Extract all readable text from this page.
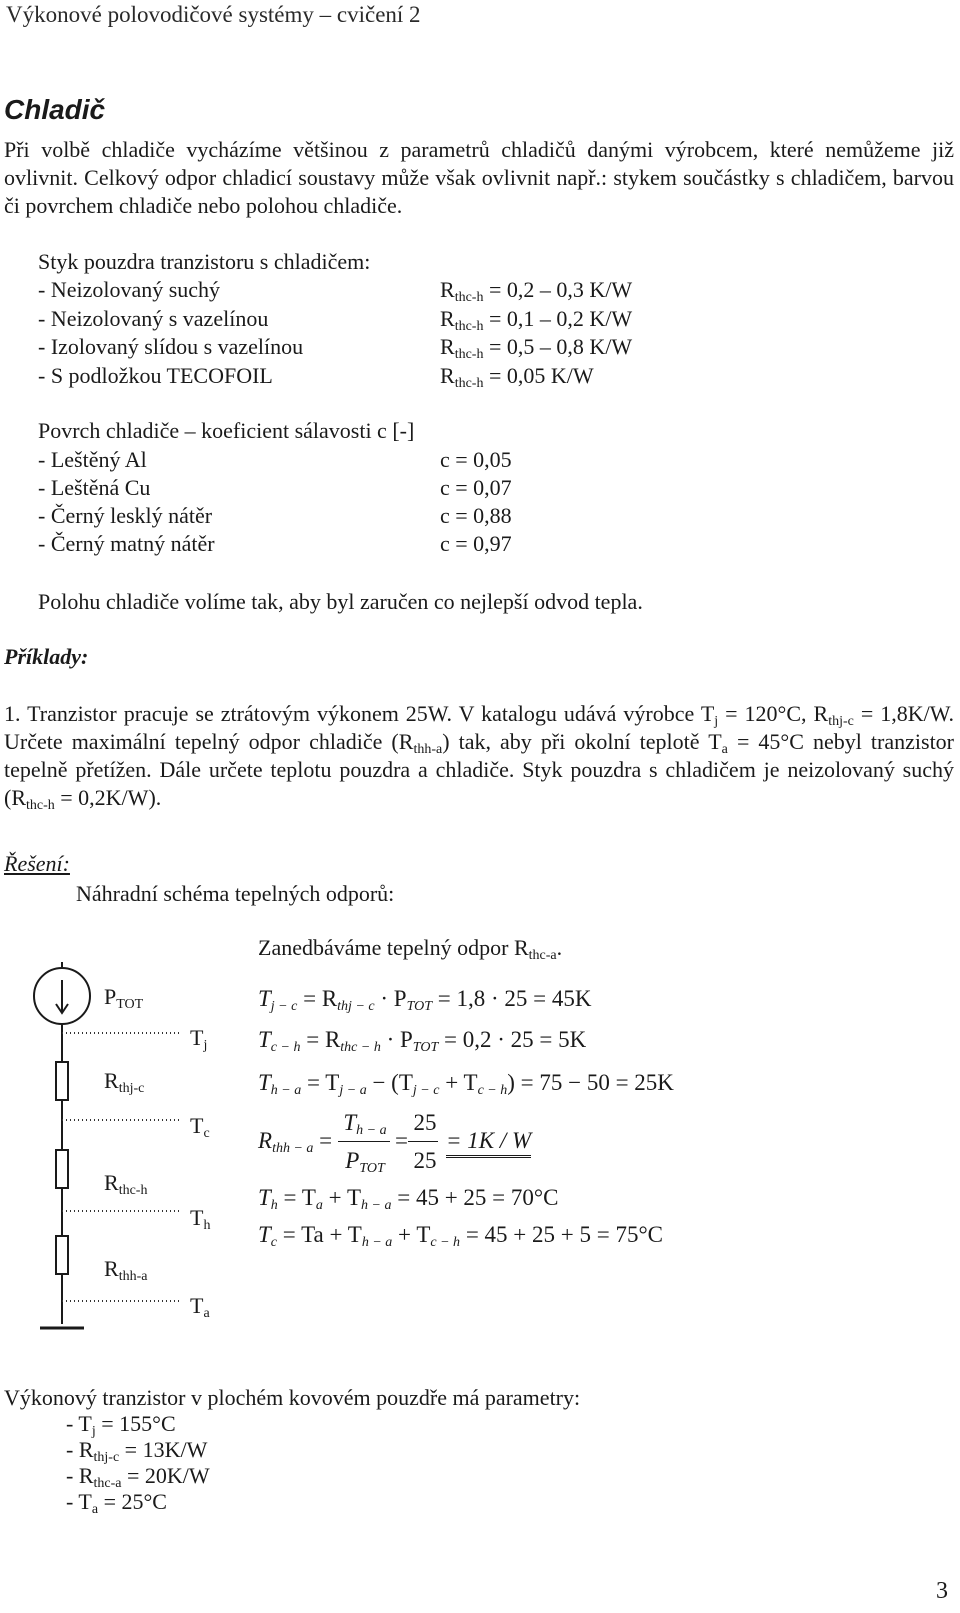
Výkonové polovodičové systémy – cvičení 2
Chladič
Při volbě chladiče vycházíme většinou z parametrů chladičů danými výrobcem, které nemůžeme již ovlivnit. Celkový odpor chladicí soustavy může však ovlivnit např.: stykem součástky s chladičem, barvou či povrchem chladiče nebo polohou chladiče.
Styk pouzdra tranzistoru s chladičem:
- Neizolovaný suchý	$R_{thc-h} = 0,2 - 0,3$ K/W
- Neizolovaný s vazelínou	$R_{thc-h} = 0,1 - 0,2$ K/W
- Izolovaný slídou s vazelínou	$R_{thc-h} = 0,5 - 0,8$ K/W
- S podložkou TECOFOIL	$R_{thc-h} = 0,05$ K/W
Povrch chladiče – koeficient sálavosti c [-]
- Leštěný Al	c = 0,05
- Leštěná Cu	c = 0,07
- Černý lesklý nátěr	c = 0,88
- Černý matný nátěr	c = 0,97
Polohu chladiče volíme tak, aby byl zaručen co nejlepší odvod tepla.
Příklady:
1. Tranzistor pracuje se ztrátovým výkonem 25W. V katalogu udává výrobce $T_j = 120^\circ C$, $R_{thj-c} = 1,8K/W$. Určete maximální tepelný odpor chladiče $(R_{thh-a})$ tak, aby při okolní teplotě $T_a = 45^\circ C$ nebyl tranzistor tepelně přetížen. Dále určete teplotu pouzdra a chladiče. Styk pouzdra s chladičem je neizolovaný suchý $(R_{thc-h} = 0,2K/W)$.
Řešení:
Náhradní schéma tepelných odporů:
Zanedbáváme tepelný odpor $R_{thc-a}$.
$P_{TOT}$
$R_{thj-c}$
$R_{thc-h}$
$R_{thh-a}$
$T_j$
$T_c$
$T_h$
$T_a$
$T_{j - c} = R_{thj - c} \cdot P_{TOT} = 1,8 \cdot 25 = 45K$
$T_{c - h} = R_{thc - h} \cdot P_{TOT} = 0,2 \cdot 25 = 5K$
$T_{h - a} = T_{j - a} - (T_{j - c} + T_{c - h}) = 75 - 50 = 25K$
$R_{thh - a}$ =
$T_{h - a}$
$P_{TOT}$
=
25
25
= 1K / W
$T_h = T_a + T_{h - a} = 45 + 25 = 70^\circ C$
$T_c = Ta + T_{h - a} + T_{c - h} = 45 + 25 + 5 = 75^\circ C$
Výkonový tranzistor v plochém kovovém pouzdře má parametry:
- $T_j = 155^\circ C$
- $R_{thj-c} = 13K/W$
- $R_{thc-a} = 20K/W$
- $T_a = 25^\circ C$
3
